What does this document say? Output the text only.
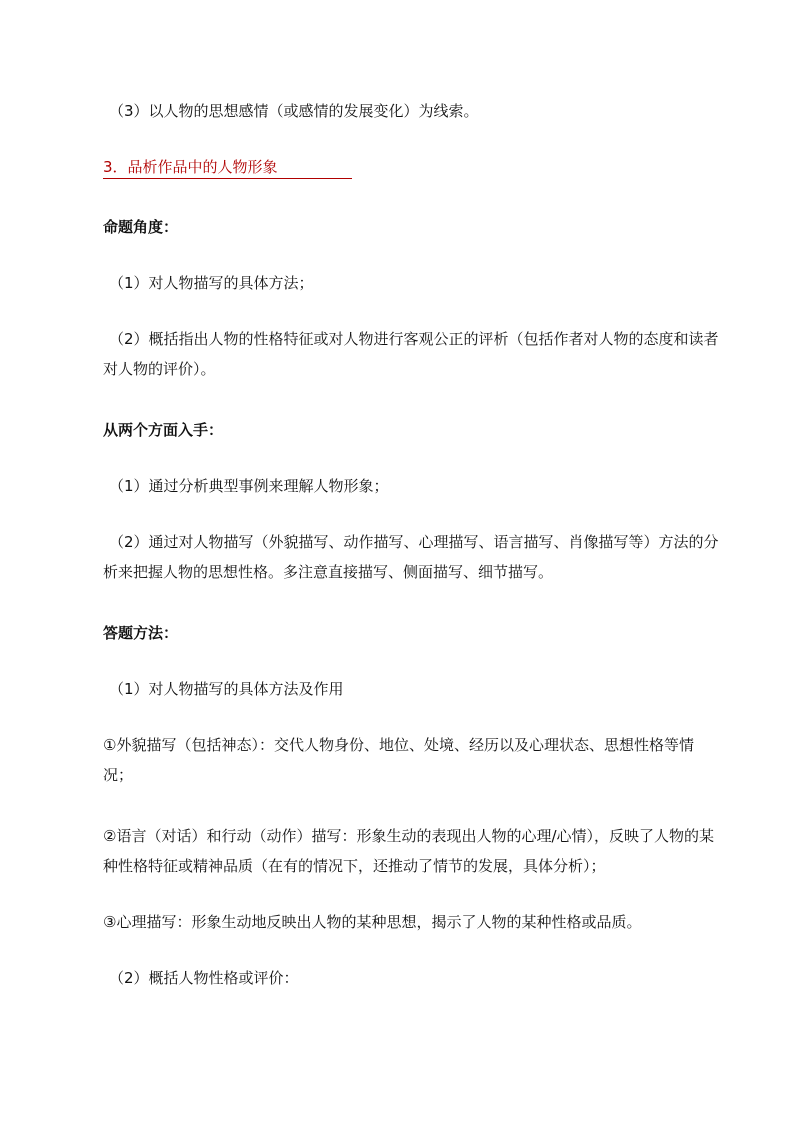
（3）以人物的思想感情（或感情的发展变化）为线索。
3．品析作品中的人物形象
命题角度：
（1）对人物描写的具体方法；
（2）概括指出人物的性格特征或对人物进行客观公正的评析（包括作者对人物的态度和读者对人物的评价）。
从两个方面入手：
（1）通过分析典型事例来理解人物形象；
（2）通过对人物描写（外貌描写、动作描写、心理描写、语言描写、肖像描写等）方法的分析来把握人物的思想性格。多注意直接描写、侧面描写、细节描写。
答题方法：
（1）对人物描写的具体方法及作用
①外貌描写（包括神态）：交代人物身份、地位、处境、经历以及心理状态、思想性格等情况；
②语言（对话）和行动（动作）描写：形象生动的表现出人物的心理/心情），反映了人物的某种性格特征或精神品质（在有的情况下，还推动了情节的发展，具体分析）；
③心理描写：形象生动地反映出人物的某种思想，揭示了人物的某种性格或品质。
（2）概括人物性格或评价：
